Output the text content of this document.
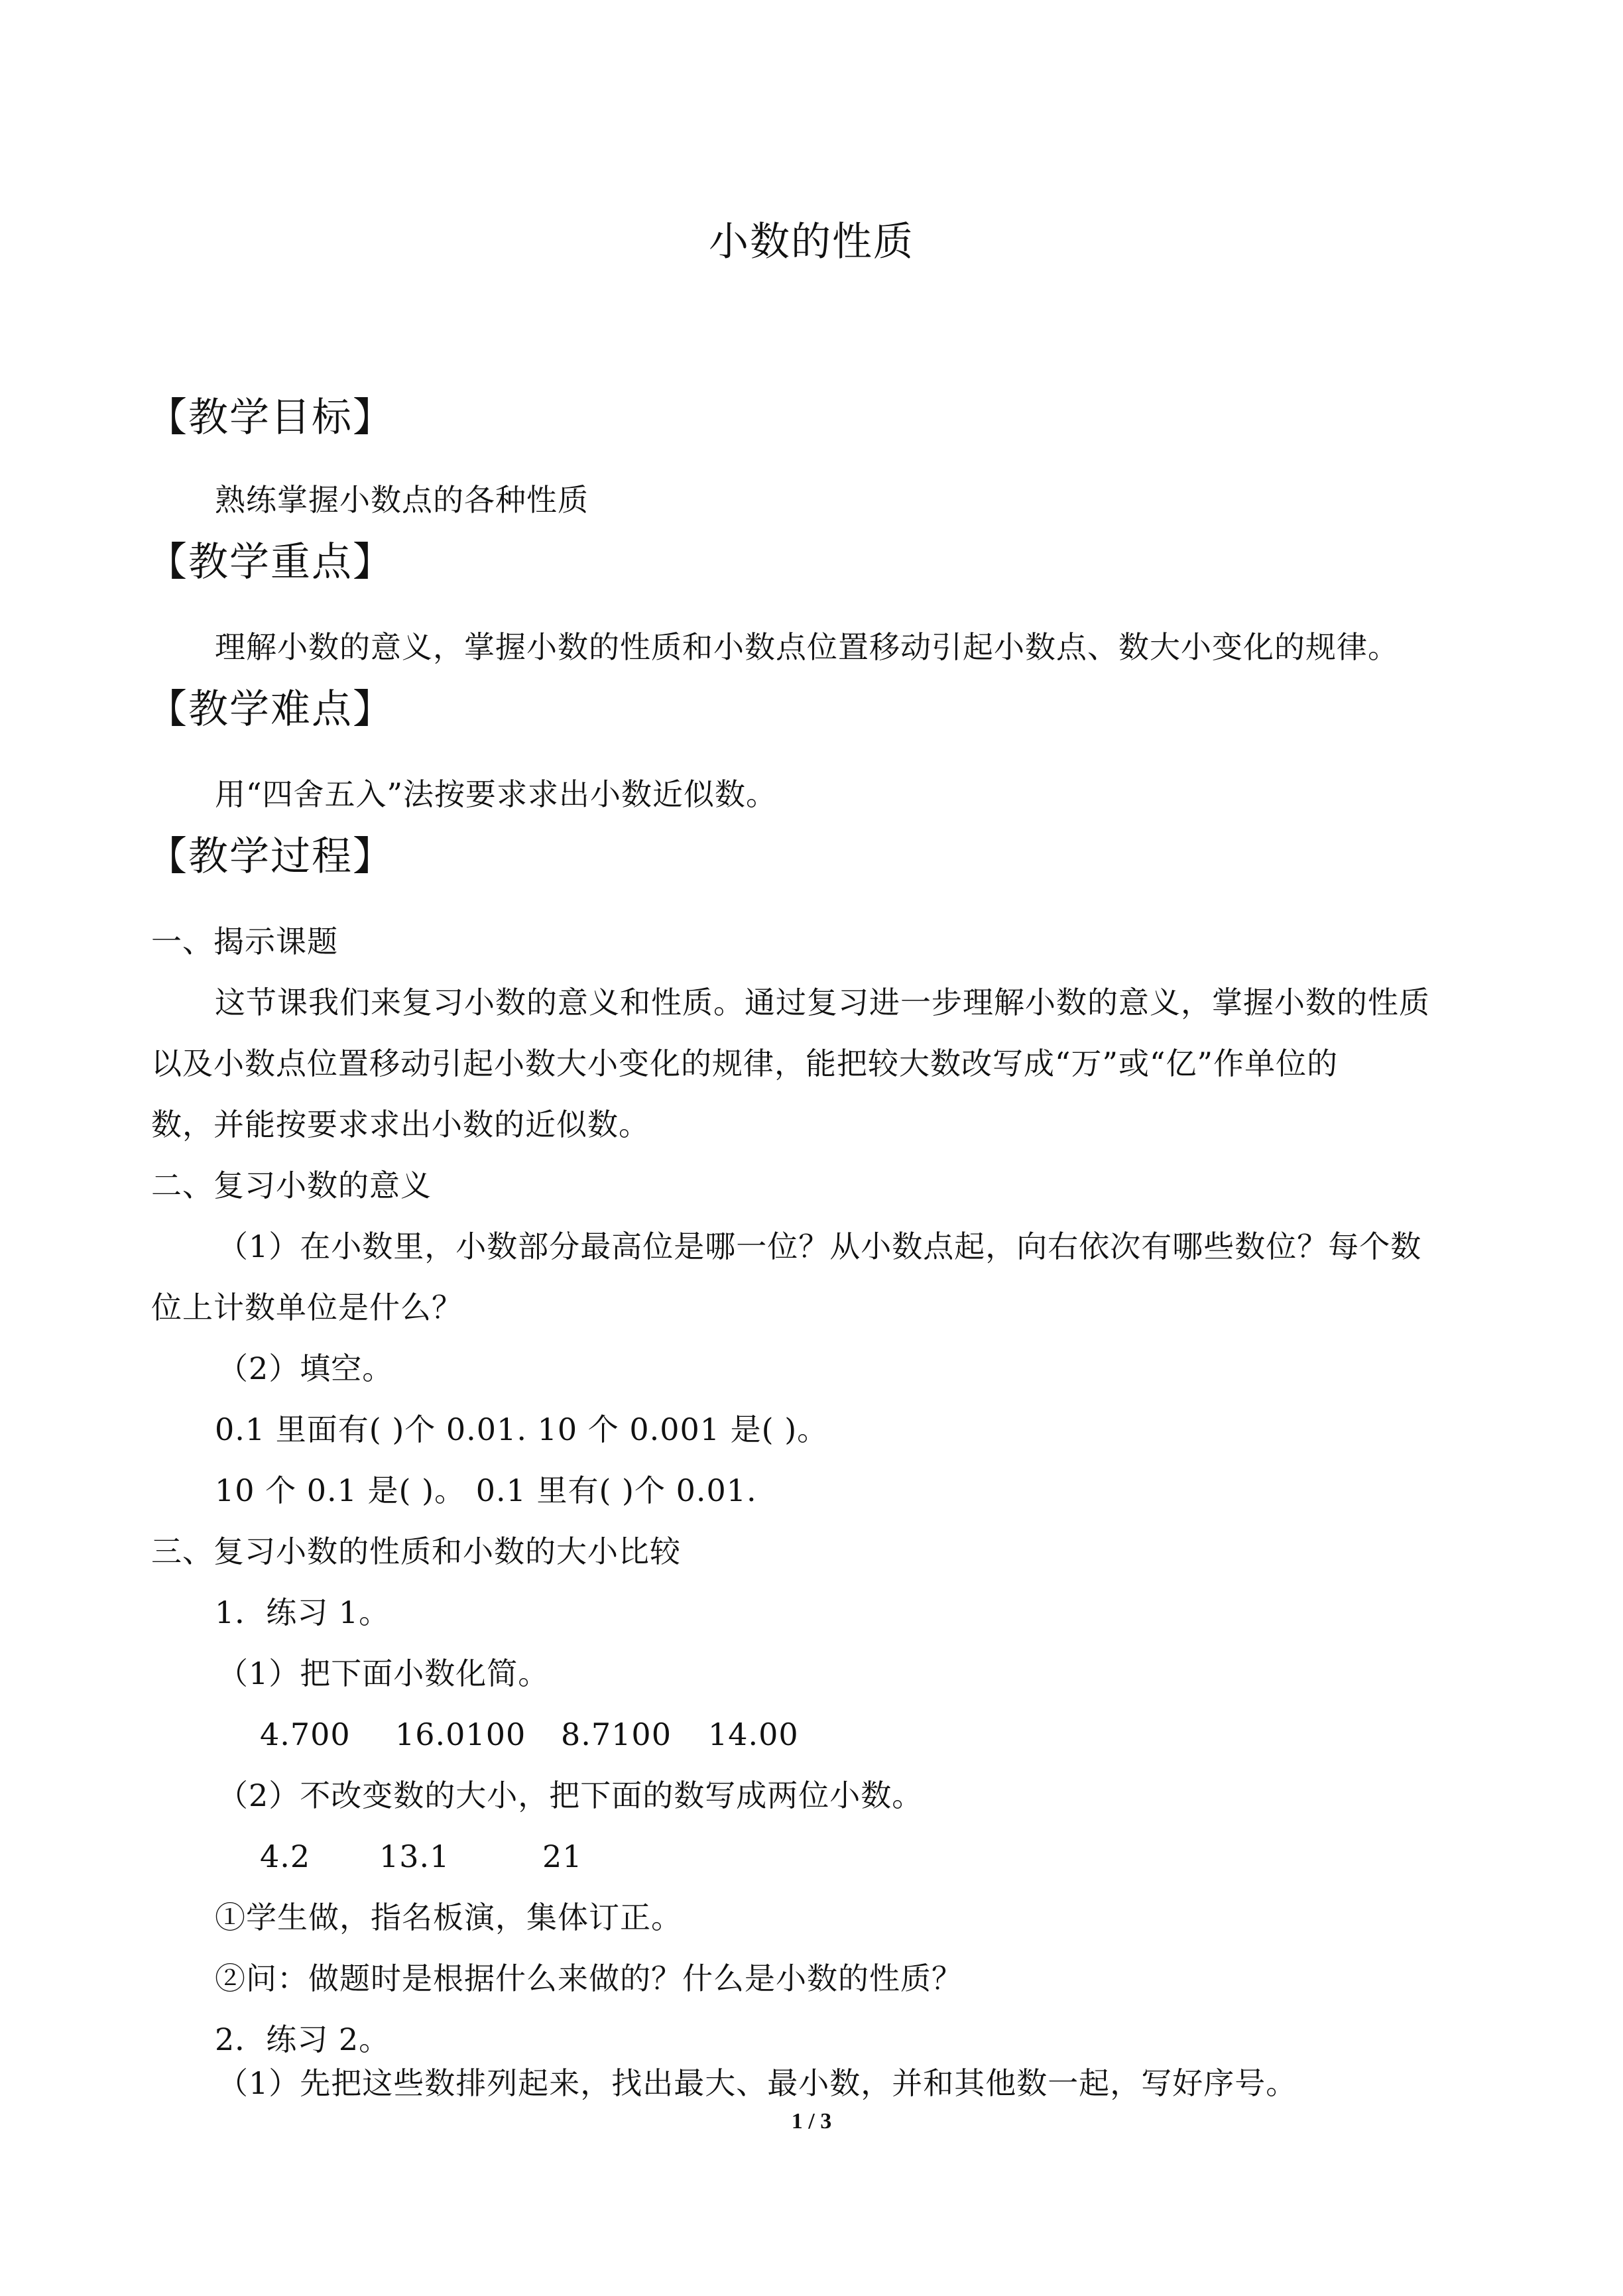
小数的性质
【教学目标】
熟练掌握小数点的各种性质
【教学重点】
理解小数的意义，掌握小数的性质和小数点位置移动引起小数点、数大小变化的规律。
【教学难点】
用“四舍五入”法按要求求出小数近似数。
【教学过程】
一、揭示课题
这节课我们来复习小数的意义和性质。通过复习进一步理解小数的意义，掌握小数的性质
以及小数点位置移动引起小数大小变化的规律，能把较大数改写成“万”或“亿”作单位的
数，并能按要求求出小数的近似数。
二、复习小数的意义
（1）在小数里，小数部分最高位是哪一位？从小数点起，向右依次有哪些数位？每个数
位上计数单位是什么？
（2）填空。
0.1 里面有( )个 0.01. 10 个 0.001 是( )。
10 个 0.1 是( )。 0.1 里有( )个 0.01.
三、复习小数的性质和小数的大小比较
1．练习 1。
（1）把下面小数化简。
4.700 16.0100 8.7100 14.00
（2）不改变数的大小，把下面的数写成两位小数。
4.2 13.1	21
①学生做，指名板演，集体订正。
②问：做题时是根据什么来做的？什么是小数的性质？
2．练习 2。
（1）先把这些数排列起来，找出最大、最小数，并和其他数一起，写好序号。
1 / 3
